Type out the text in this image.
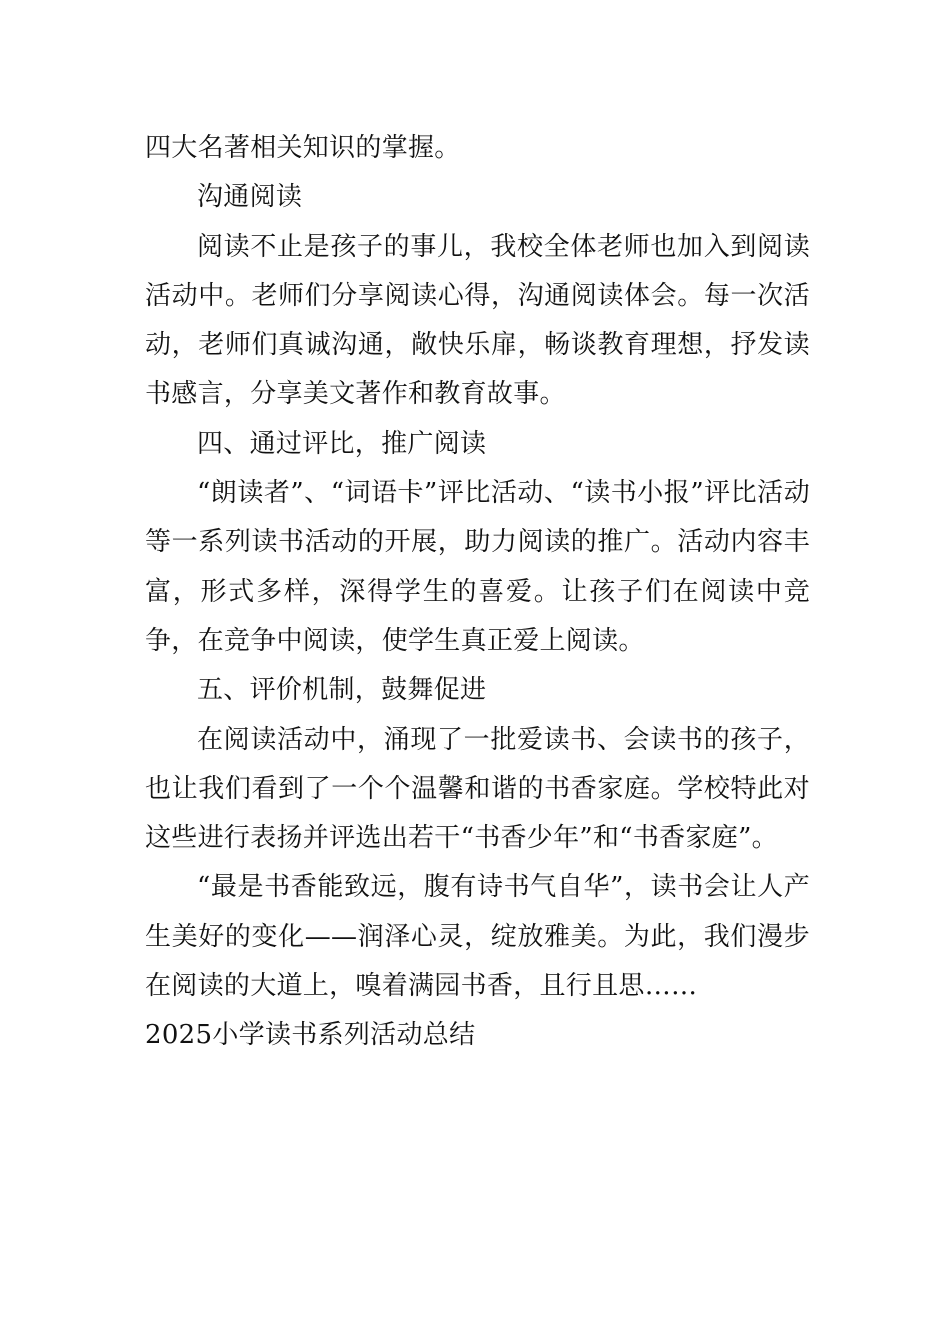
四大名著相关知识的掌握。

沟通阅读

阅读不止是孩子的事儿，我校全体老师也加入到阅读活动中。老师们分享阅读心得，沟通阅读体会。每一次活动，老师们真诚沟通，敞快乐扉，畅谈教育理想，抒发读书感言，分享美文著作和教育故事。

四、通过评比，推广阅读

“朗读者”、“词语卡”评比活动、“读书小报”评比活动等一系列读书活动的开展，助力阅读的推广。活动内容丰富，形式多样，深得学生的喜爱。让孩子们在阅读中竞争，在竞争中阅读，使学生真正爱上阅读。

五、评价机制，鼓舞促进

在阅读活动中，涌现了一批爱读书、会读书的孩子，也让我们看到了一个个温馨和谐的书香家庭。学校特此对这些进行表扬并评选出若干“书香少年”和“书香家庭”。

“最是书香能致远，腹有诗书气自华”，读书会让人产生美好的变化——润泽心灵，绽放雅美。为此，我们漫步在阅读的大道上，嗅着满园书香，且行且思……

2025小学读书系列活动总结
